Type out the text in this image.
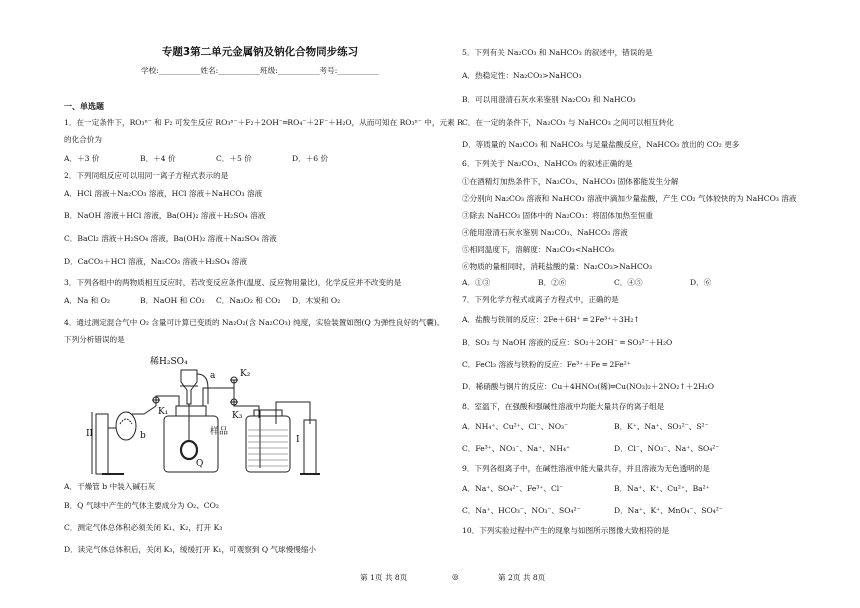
专题3第二单元金属钠及钠化合物同步练习
学校:___________姓名:___________班级:___________考号:___________
一、单选题
1．在一定条件下，RO₃ⁿ⁻ 和 F₂ 可发生反应 RO₃ⁿ⁻＋F₂＋2OH⁻═RO₄⁻＋2F⁻＋H₂O，从而可知在 RO₃ⁿ⁻ 中，元素 R
的化合价为
A．＋3 价	B．＋4 价	C．＋5 价	D．＋6 价
2．下列同组反应可以用同一离子方程式表示的是
A．HCl 溶液＋Na₂CO₃ 溶液，HCl 溶液＋NaHCO₃ 溶液
B．NaOH 溶液＋HCl 溶液，Ba(OH)₂ 溶液＋H₂SO₄ 溶液
C．BaCl₂ 溶液＋H₂SO₄ 溶液，Ba(OH)₂ 溶液＋Na₂SO₄ 溶液
D．CaCO₃＋HCl 溶液，Na₂CO₃ 溶液＋H₂SO₄ 溶液
3．下列各组中的两物质相互反应时，若改变反应条件(温度、反应物用量比)，化学反应并不改变的是
A．Na 和 O₂	B．NaOH 和 CO₂	C．Na₂O₂ 和 CO₂	D．木炭和 O₂
4．通过测定混合气中 O₂ 含量可计算已变质的 Na₂O₂(含 Na₂CO₃) 纯度，实验装置如图(Q 为弹性良好的气囊)。
下列分析错误的是
稀H₂SO₄
a
K₁
K₂
K₃
b
Q
样品
II
I
A．干燥管 b 中装入碱石灰
B．Q 气球中产生的气体主要成分为 O₂、CO₂
C．测定气体总体积必须关闭 K₁、K₂，打开 K₃
D．读完气体总体积后，关闭 K₃，缓缓打开 K₁，可观察到 Q 气球慢慢缩小
5．下列有关 Na₂CO₃ 和 NaHCO₃ 的叙述中，错误的是
A．热稳定性：Na₂CO₃>NaHCO₃
B．可以用澄清石灰水来鉴别 Na₂CO₃ 和 NaHCO₃
C．在一定的条件下，Na₂CO₃ 与 NaHCO₃ 之间可以相互转化
D．等质量的 Na₂CO₃ 和 NaHCO₃ 与足量盐酸反应，NaHCO₃ 放出的 CO₂ 更多
6．下列关于 Na₂CO₃、NaHCO₃ 的叙述正确的是
①在酒精灯加热条件下，Na₂CO₃、NaHCO₃ 固体都能发生分解
②分别向 Na₂CO₃ 溶液和 NaHCO₃ 溶液中滴加少量盐酸，产生 CO₂ 气体较快的为 NaHCO₃ 溶液
③除去 NaHCO₃ 固体中的 Na₂CO₃：将固体加热至恒重
④能用澄清石灰水鉴别 Na₂CO₃、NaHCO₃ 溶液
⑤相同温度下，溶解度：Na₂CO₃<NaHCO₃
⑥物质的量相同时，消耗盐酸的量：Na₂CO₃>NaHCO₃
A．①③	B．②⑥	C．④⑤	D．⑥
7．下列化学方程式或离子方程式中，正确的是
A．盐酸与铁屑的反应：2Fe＋6H⁺ ═ 2Fe³⁺＋3H₂↑
B．SO₂ 与 NaOH 溶液的反应：SO₂＋2OH⁻ ═ SO₃²⁻＋H₂O
C．FeCl₃ 溶液与铁粉的反应：Fe³⁺＋Fe ═ 2Fe²⁺
D．稀硝酸与铜片的反应：Cu＋4HNO₃(稀)═Cu(NO₃)₂＋2NO₂↑＋2H₂O
8．室温下，在强酸和强碱性溶液中均能大量共存的离子组是
A．NH₄⁺、Cu²⁺、Cl⁻、NO₃⁻	B．K⁺、Na⁺、SO₃²⁻、S²⁻
C．Fe³⁺、NO₃⁻、Na⁺、NH₄⁺	D．Cl⁻、NO₃⁻、Na⁺、SO₄²⁻
9．下列各组离子中，在碱性溶液中能大量共存，并且溶液为无色透明的是
A．Na⁺、SO₄²⁻、Fe³⁺、Cl⁻	B．Na⁺、K⁺、Cu²⁺、Ba²⁺
C．Na⁺、HCO₃⁻、NO₃⁻、SO₄²⁻	D．Na⁺、K⁺、MnO₄⁻、SO₄²⁻
10．下列实验过程中产生的现象与如图所示图像大致相符的是
第 1页 共 8页	◎	第 2页 共 8页
